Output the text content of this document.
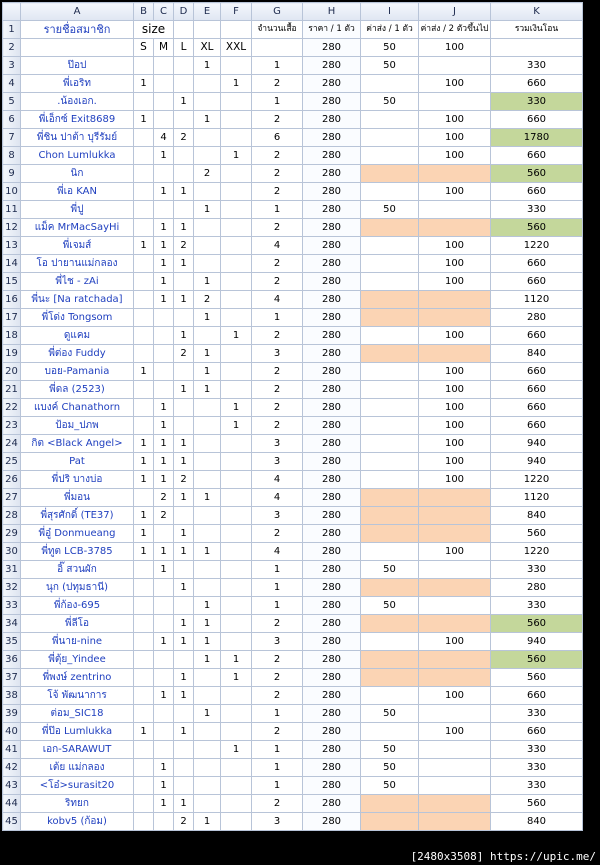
	A	B	C	D	E	F	G	H	I	J	K
1	รายชื่อสมาชิก	size					จำนวนเสื้อ	ราคา / 1 ตัว	ค่าส่ง / 1 ตัว	ค่าส่ง / 2 ตัวขึ้นไป	รวมเงินโอน
2		S	M	L	XL	XXL		280	50	100	
3	ป๊อป				1		1	280	50		330
4	พี่เอริท	1				1	2	280		100	660
5	.น้องเอก.			1			1	280	50		330
6	พี่เอ็กซ์ Exit8689	1			1		2	280		100	660
7	พี่ชิน ปาต้า บุรีรัมย์		4	2			6	280		100	1780
8	Chon Lumlukka		1			1	2	280		100	660
9	นิก				2		2	280			560
10	พี่เอ KAN		1	1			2	280		100	660
11	พี่ปู				1		1	280	50		330
12	แม็ค MrMacSayHi		1	1			2	280			560
13	พี่เจมส์	1	1	2			4	280		100	1220
14	โอ ปายานแม่กลอง		1	1			2	280		100	660
15	พี่ไช - zAi		1		1		2	280		100	660
16	พี่นะ [Na ratchada]		1	1	2		4	280			1120
17	พี่โด่ง Tongsom				1		1	280			280
18	ดูแคม			1		1	2	280		100	660
19	พี่ต่อง Fuddy			2	1		3	280			840
20	บอย-Pamania	1			1		2	280		100	660
21	พี่ดล (2523)			1	1		2	280		100	660
22	แบงค์ Chanathorn		1			1	2	280		100	660
23	ป้อม_ปภพ		1			1	2	280		100	660
24	กิต <Black Angel>	1	1	1			3	280		100	940
25	Pat	1	1	1			3	280		100	940
26	พี่ปริ บางบ่อ	1	1	2			4	280		100	1220
27	พี่มอน		2	1	1		4	280			1120
28	พี่สุรศักดิ์ (TE37)	1	2				3	280			840
29	พี่อู๋ Donmueang	1		1			2	280			560
30	พี่ทูต LCB-3785	1	1	1	1		4	280		100	1220
31	อิ๊ สวนผัก		1				1	280	50		330
32	นุก (ปทุมธานี)			1			1	280			280
33	พี่ก้อง-695				1		1	280	50		330
34	พี่ลีโอ			1	1		2	280			560
35	พี่นาย-nine		1	1	1		3	280		100	940
36	พี่ตุ้ย_Yindee				1	1	2	280			560
37	พี่พงษ์ zentrino			1		1	2	280			560
38	โจ้ พัฒนาการ		1	1			2	280		100	660
39	ต่อม_SIC18				1		1	280	50		330
40	พี่ป๊อ Lumlukka	1		1			2	280		100	660
41	เอก-SARAWUT					1	1	280	50		330
42	เต้ย แม่กลอง		1				1	280	50		330
43	<โอ๋>surasit20		1				1	280	50		330
44	ริทยก		1	1			2	280			560
45	kobv5 (ก้อม)			2	1		3	280			840
[2480x3508] https://upic.me/
